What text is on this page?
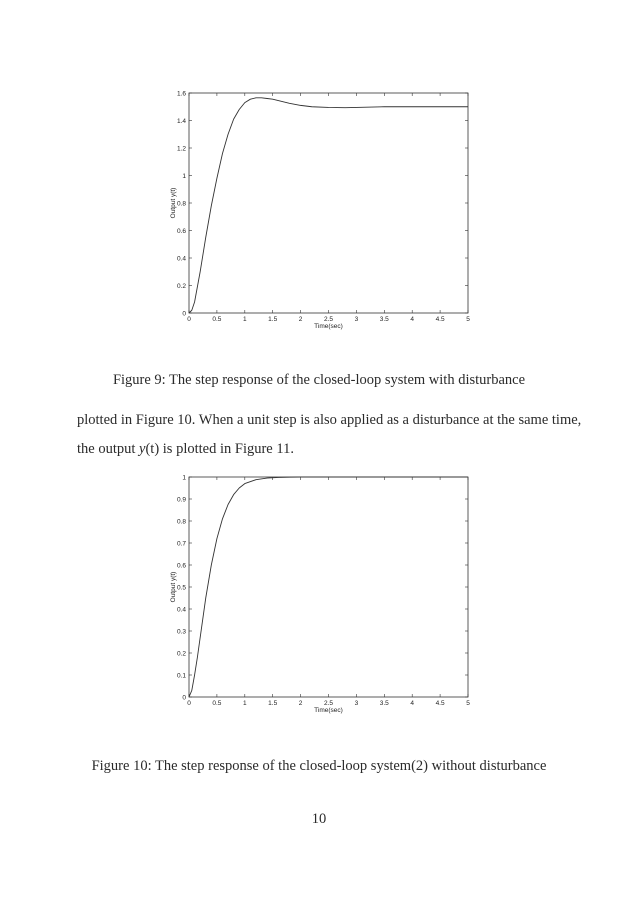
0	0.5	1	1.5	2	2.5	3	3.5	4	4.5	5
0
0.2
0.4
0.6
0.8
1
1.2
1.4
1.6
Time(sec)
Output y(t)
Figure 9: The step response of the closed-loop system with disturbance
plotted in Figure 10. When a unit step is also applied as a disturbance at the same time,
the output y(t) is plotted in Figure 11.
0	0.5	1	1.5	2	2.5	3	3.5	4	4.5	5
0
0.1
0.2
0.3
0.4
0.5
0.6
0.7
0.8
0.9
1
Time(sec)
Output y(t)
Figure 10: The step response of the closed-loop system(2) without disturbance
10
